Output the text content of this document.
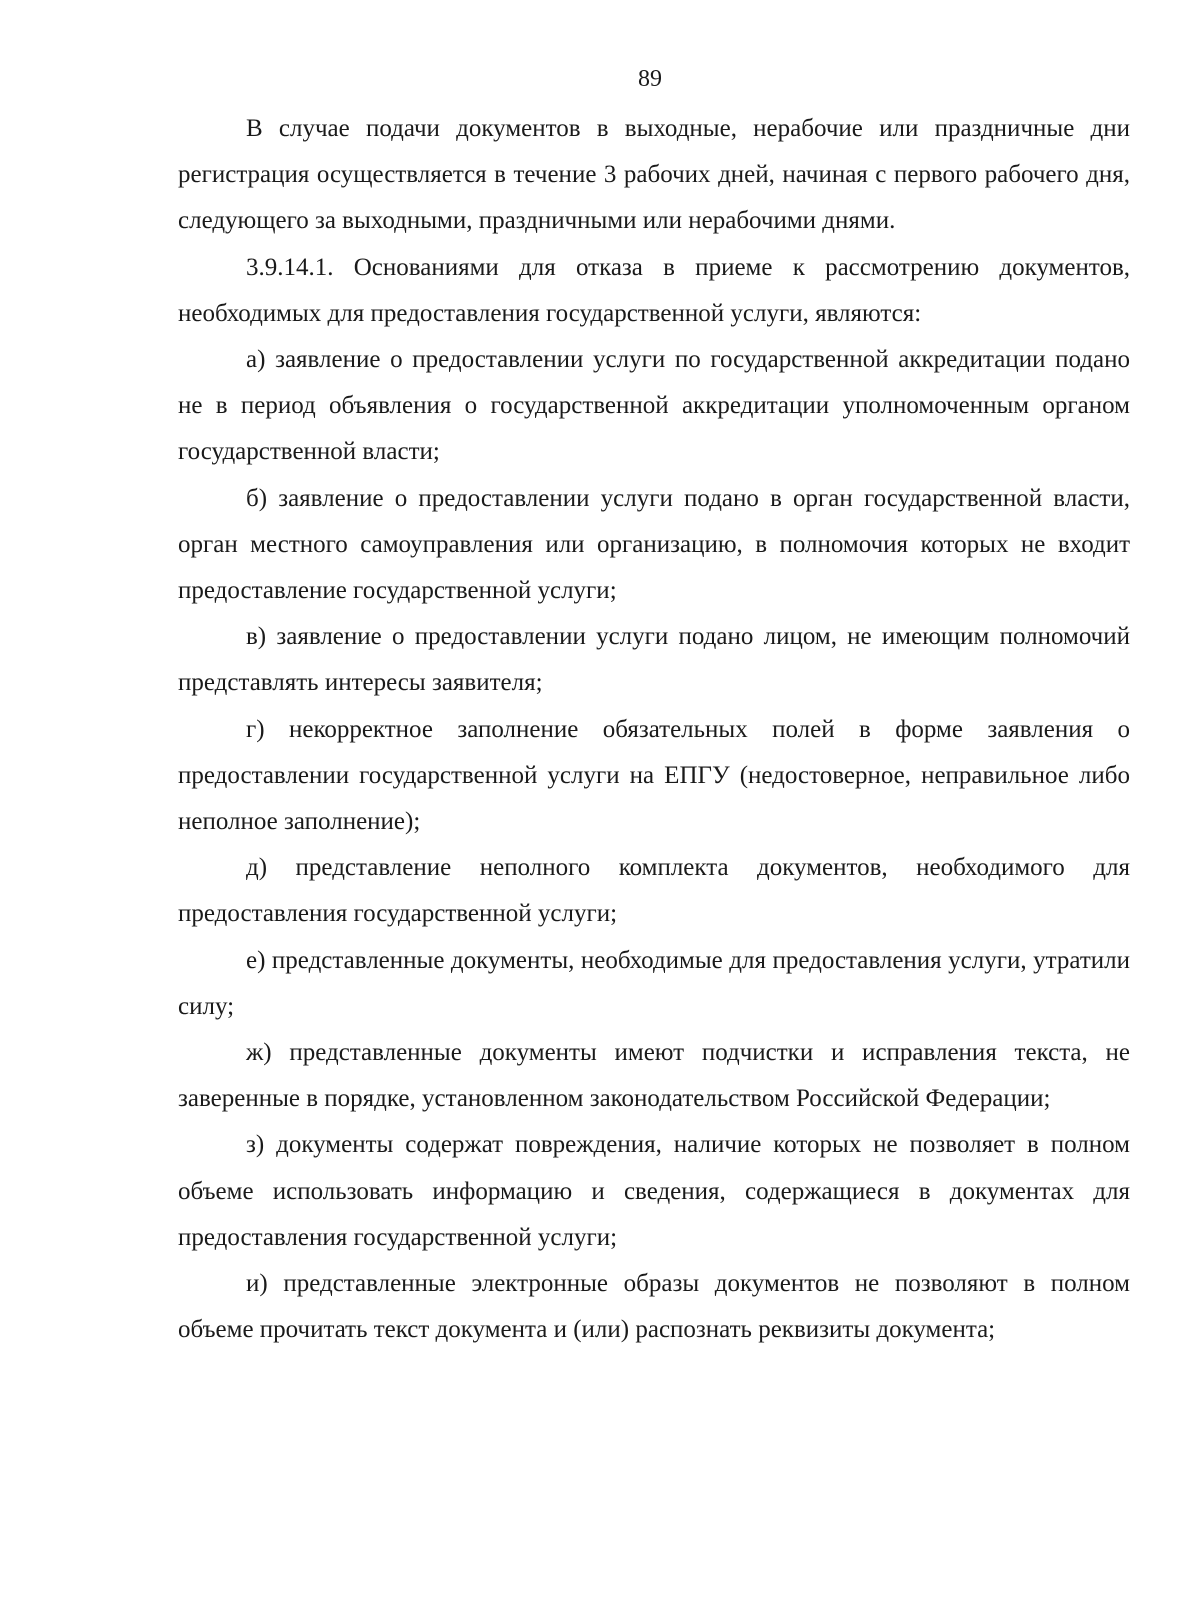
89

В случае подачи документов в выходные, нерабочие или праздничные дни регистрация осуществляется в течение 3 рабочих дней, начиная с первого рабочего дня, следующего за выходными, праздничными или нерабочими днями.

3.9.14.1. Основаниями для отказа в приеме к рассмотрению документов, необходимых для предоставления государственной услуги, являются:

а) заявление о предоставлении услуги по государственной аккредитации подано не в период объявления о государственной аккредитации уполномоченным органом государственной власти;

б) заявление о предоставлении услуги подано в орган государственной власти, орган местного самоуправления или организацию, в полномочия которых не входит предоставление государственной услуги;

в) заявление о предоставлении услуги подано лицом, не имеющим полномочий представлять интересы заявителя;

г) некорректное заполнение обязательных полей в форме заявления о предоставлении государственной услуги на ЕПГУ (недостоверное, неправильное либо неполное заполнение);

д) представление неполного комплекта документов, необходимого для предоставления государственной услуги;

е) представленные документы, необходимые для предоставления услуги, утратили силу;

ж) представленные документы имеют подчистки и исправления текста, не заверенные в порядке, установленном законодательством Российской Федерации;

з) документы содержат повреждения, наличие которых не позволяет в полном объеме использовать информацию и сведения, содержащиеся в документах для предоставления государственной услуги;

и) представленные электронные образы документов не позволяют в полном объеме прочитать текст документа и (или) распознать реквизиты документа;
